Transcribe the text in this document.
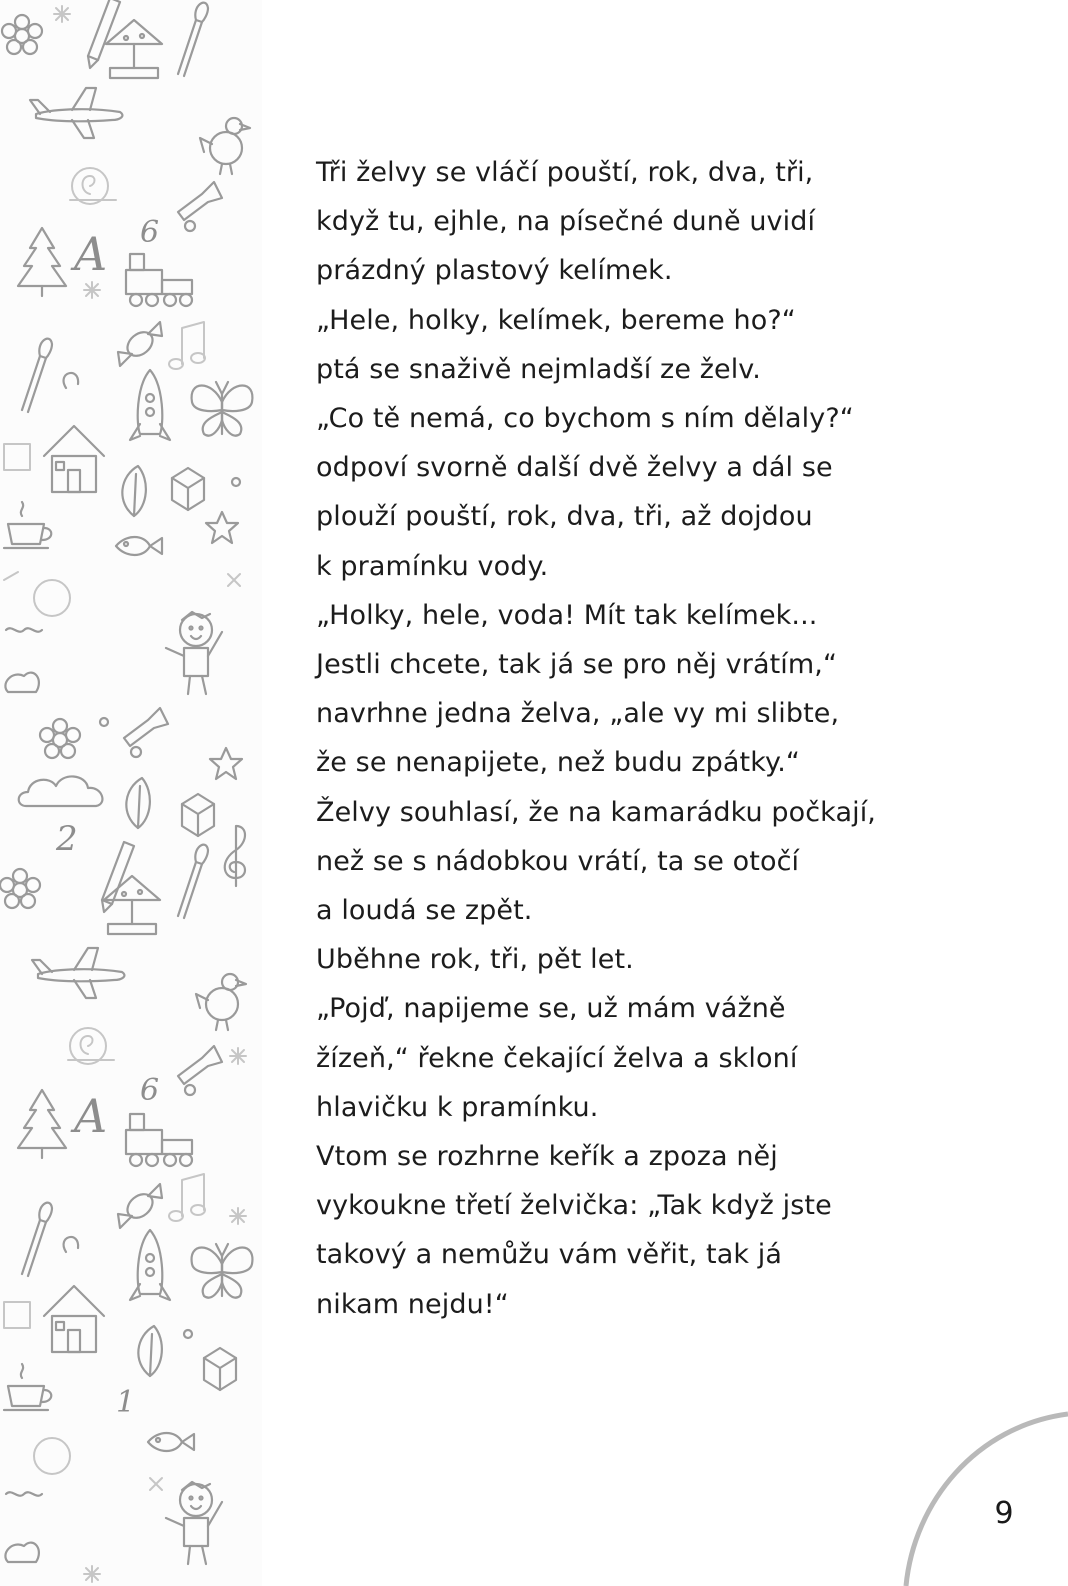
A 6
2
A 6
1
Tři želvy se vláčí pouští, rok, dva, tři,
když tu, ejhle, na písečné duně uvidí
prázdný plastový kelímek.
„Hele, holky, kelímek, bereme ho?“
ptá se snaživě nejmladší ze želv.
„Co tě nemá, co bychom s ním dělaly?“
odpoví svorně další dvě želvy a dál se
plouží pouští, rok, dva, tři, až dojdou
k pramínku vody.
„Holky, hele, voda! Mít tak kelímek...
Jestli chcete, tak já se pro něj vrátím,“
navrhne jedna želva, „ale vy mi slibte,
že se nenapijete, než budu zpátky.“
Želvy souhlasí, že na kamarádku počkají,
než se s nádobkou vrátí, ta se otočí
a loudá se zpět.
Uběhne rok, tři, pět let.
„Pojď, napijeme se, už mám vážně
žízeň,“ řekne čekající želva a skloní
hlavičku k pramínku.
Vtom se rozhrne keřík a zpoza něj
vykoukne třetí želvička: „Tak když jste
takový a nemůžu vám věřit, tak já
nikam nejdu!“
9
